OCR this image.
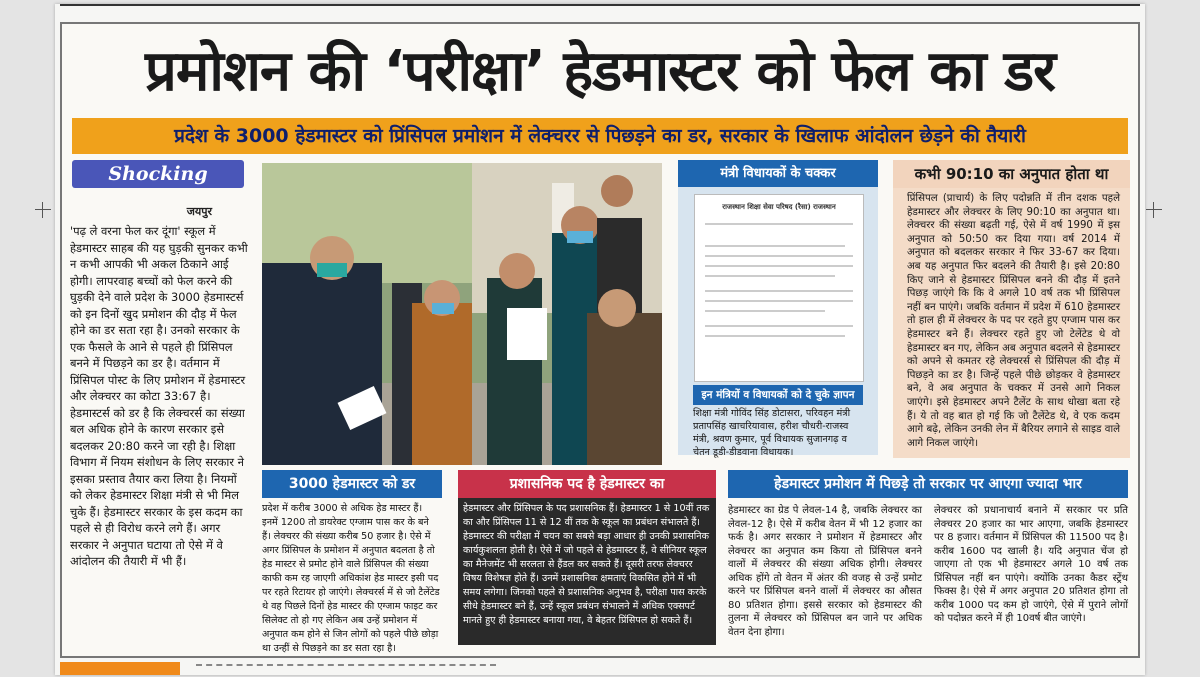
प्रमोशन की ‘परीक्षा’ हेडमास्टर को फेल का डर
प्रदेश के 3000 हेडमास्टर को प्रिंसिपल प्रमोशन में लेक्चरर से पिछड़ने का डर, सरकार के खिलाफ आंदोलन छेड़ने की तैयारी
Shocking
जयपुर
'पढ़ ले वरना फेल कर दूंगा' स्कूल में हेडमास्टर साहब की यह घुड़की सुनकर कभी न कभी आपकी भी अकल ठिकाने आई होगी। लापरवाह बच्चों को फेल करने की घुड़की देने वाले प्रदेश के 3000 हेडमास्टर्स को इन दिनों खुद प्रमोशन की दौड़ में फेल होने का डर सता रहा है। उनको सरकार के एक फैसले के आने से पहले ही प्रिंसिपल बनने में पिछड़ने का डर है। वर्तमान में प्रिंसिपल पोस्ट के लिए प्रमोशन में हेडमास्टर और लेक्चरर का कोटा 33:67 है। हेडमास्टर्स को डर है कि लेक्चरर्स का संख्या बल अधिक होने के कारण सरकार इसे बदलकर 20:80 करने जा रही है। शिक्षा विभाग में नियम संशोधन के लिए सरकार ने इसका प्रस्ताव तैयार करा लिया है। नियमों को लेकर हेडमास्टर शिक्षा मंत्री से भी मिल चुके हैं। हेडमास्टर सरकार के इस कदम का पहले से ही विरोध करने लगे हैं। अगर सरकार ने अनुपात घटाया तो ऐसे में वे आंदोलन की तैयारी में भी हैं।
मंत्री विधायकों के चक्कर
राजस्थान शिक्षा सेवा परिषद (रैसा) राजस्थान
इन मंत्रियों व विधायकों को दे चुके ज्ञापन
शिक्षा मंत्री गोविंद सिंह डोटासरा, परिवहन मंत्री प्रतापसिंह खाचरियावास, हरीश चौधरी-राजस्व मंत्री, श्रवण कुमार, पूर्व विधायक सुजानगढ़ व चेतन डूडी-डीडवाना विधायक।
कभी 90:10 का अनुपात होता था
प्रिंसिपल (प्राचार्य) के लिए पदोन्नति में तीन दशक पहले हेडमास्टर और लेक्चरर के लिए 90:10 का अनुपात था। लेक्चरर की संख्या बढ़ती गई, ऐसे में वर्ष 1990 में इस अनुपात को 50:50 कर दिया गया। वर्ष 2014 में अनुपात को बदलकर सरकार ने फिर 33-67 कर दिया। अब यह अनुपात फिर बदलने की तैयारी है। इसे 20:80 किए जाने से हेडमास्टर प्रिंसिपल बनने की दौड़ में इतने पिछड़ जाएंगे कि कि वे अगले 10 वर्ष तक भी प्रिंसिपल नहीं बन पाएंगे। जबकि वर्तमान में प्रदेश में 610 हेडमास्टर तो हाल ही में लेक्चरर के पद पर रहते हुए एग्जाम पास कर हेडमास्टर बने हैं। लेक्चरर रहते हुए जो टेलेंटेड थे वो हेडमास्टर बन गए, लेकिन अब अनुपात बदलने से हेडमास्टर को अपने से कमतर रहे लेक्चरर्स से प्रिंसिपल की दौड़ में पिछड़ने का डर है। जिन्हें पहले पीछे छोड़कर वे हेडमास्टर बने, वे अब अनुपात के चक्कर में उनसे आगे निकल जाएंगे। इसे हेडमास्टर अपने टैलेंट के साथ धोखा बता रहे हैं। ये तो वह बात हो गई कि जो टैलेंटेड थे, वे एक कदम आगे बढ़े, लेकिन उनकी लेन में बैरियर लगाने से साइड वाले आगे निकल जाएंगे।
3000 हेडमास्टर को डर
प्रदेश में करीब 3000 से अधिक हेड मास्टर हैं। इनमें 1200 तो डायरेक्ट एग्जाम पास कर के बने हैं। लेक्चरर की संख्या करीब 50 हजार है। ऐसे में अगर प्रिंसिपल के प्रमोशन में अनुपात बदलता है तो हेड मास्टर से प्रमोट होने वाले प्रिंसिपल की संख्या काफी कम रह जाएगी अधिकांश हेड मास्टर इसी पद पर रहते रिटायर हो जाएंगे। लेक्चरर्स में से जो टैलेंटेड थे वह पिछले दिनों हेड मास्टर की एग्जाम फाइट कर सिलेक्ट तो हो गए लेकिन अब उन्हें प्रमोशन में अनुपात कम होने से जिन लोगों को पहले पीछे छोड़ा था उन्हीं से पिछड़ने का डर सता रहा है।
प्रशासनिक पद है हेडमास्टर का
हेडमास्टर और प्रिंसिपल के पद प्रशासनिक हैं। हेडमास्टर 1 से 10वीं तक का और प्रिंसिपल 11 से 12 वीं तक के स्कूल का प्रबंधन संभालते हैं। हेडमास्टर की परीक्षा में चयन का सबसे बड़ा आधार ही उनकी प्रशासनिक कार्यकुशलता होती है। ऐसे में जो पहले से हेडमास्टर हैं, वे सीनियर स्कूल का मैनेजमेंट भी सरलता से हैंडल कर सकते हैं। दूसरी तरफ लेक्चरर विषय विशेषज्ञ होते हैं। उनमें प्रशासनिक क्षमताएं विकसित होने में भी समय लगेगा। जिनको पहले से प्रशासनिक अनुभव है, परीक्षा पास करके सीधे हेडमास्टर बने हैं, उन्हें स्कूल प्रबंधन संभालने में अधिक एक्सपर्ट मानते हुए ही हेडमास्टर बनाया गया, वे बेहतर प्रिंसिपल हो सकते हैं।
हेडमास्टर प्रमोशन में पिछड़े तो सरकार पर आएगा ज्यादा भार
हेडमास्टर का ग्रेड पे लेवल-14 है, जबकि लेक्चरर का लेवल-12 है। ऐसे में करीब वेतन में भी 12 हजार का फर्क है। अगर सरकार ने प्रमोशन में हेडमास्टर और लेक्चरर का अनुपात कम किया तो प्रिंसिपल बनने वालों में लेक्चरर की संख्या अधिक होगी। लेक्चरर अधिक होंगे तो वेतन में अंतर की वजह से उन्हें प्रमोट करने पर प्रिंसिपल बनने वालों में लेक्चरर का औसत 80 प्रतिशत होगा। इससे सरकार को हेडमास्टर की तुलना में लेक्चरर को प्रिंसिपल बन जाने पर अधिक वेतन देना होगा।
लेक्चरर को प्रधानाचार्य बनाने में सरकार पर प्रति लेक्चरर 20 हजार का भार आएगा, जबकि हेडमास्टर पर 8 हजार। वर्तमान में प्रिंसिपल की 11500 पद है। करीब 1600 पद खाली है। यदि अनुपात चेंज हो जाएगा तो एक भी हेडमास्टर अगले 10 वर्ष तक प्रिंसिपल नहीं बन पाएंगे। क्योंकि उनका कैडर स्ट्रेंथ फिक्स है। ऐसे में अगर अनुपात 20 प्रतिशत होगा तो करीब 1000 पद कम हो जाएंगे, ऐसे में पुराने लोगों को पदोन्नत करने में ही 10वर्ष बीत जाएंगे।
